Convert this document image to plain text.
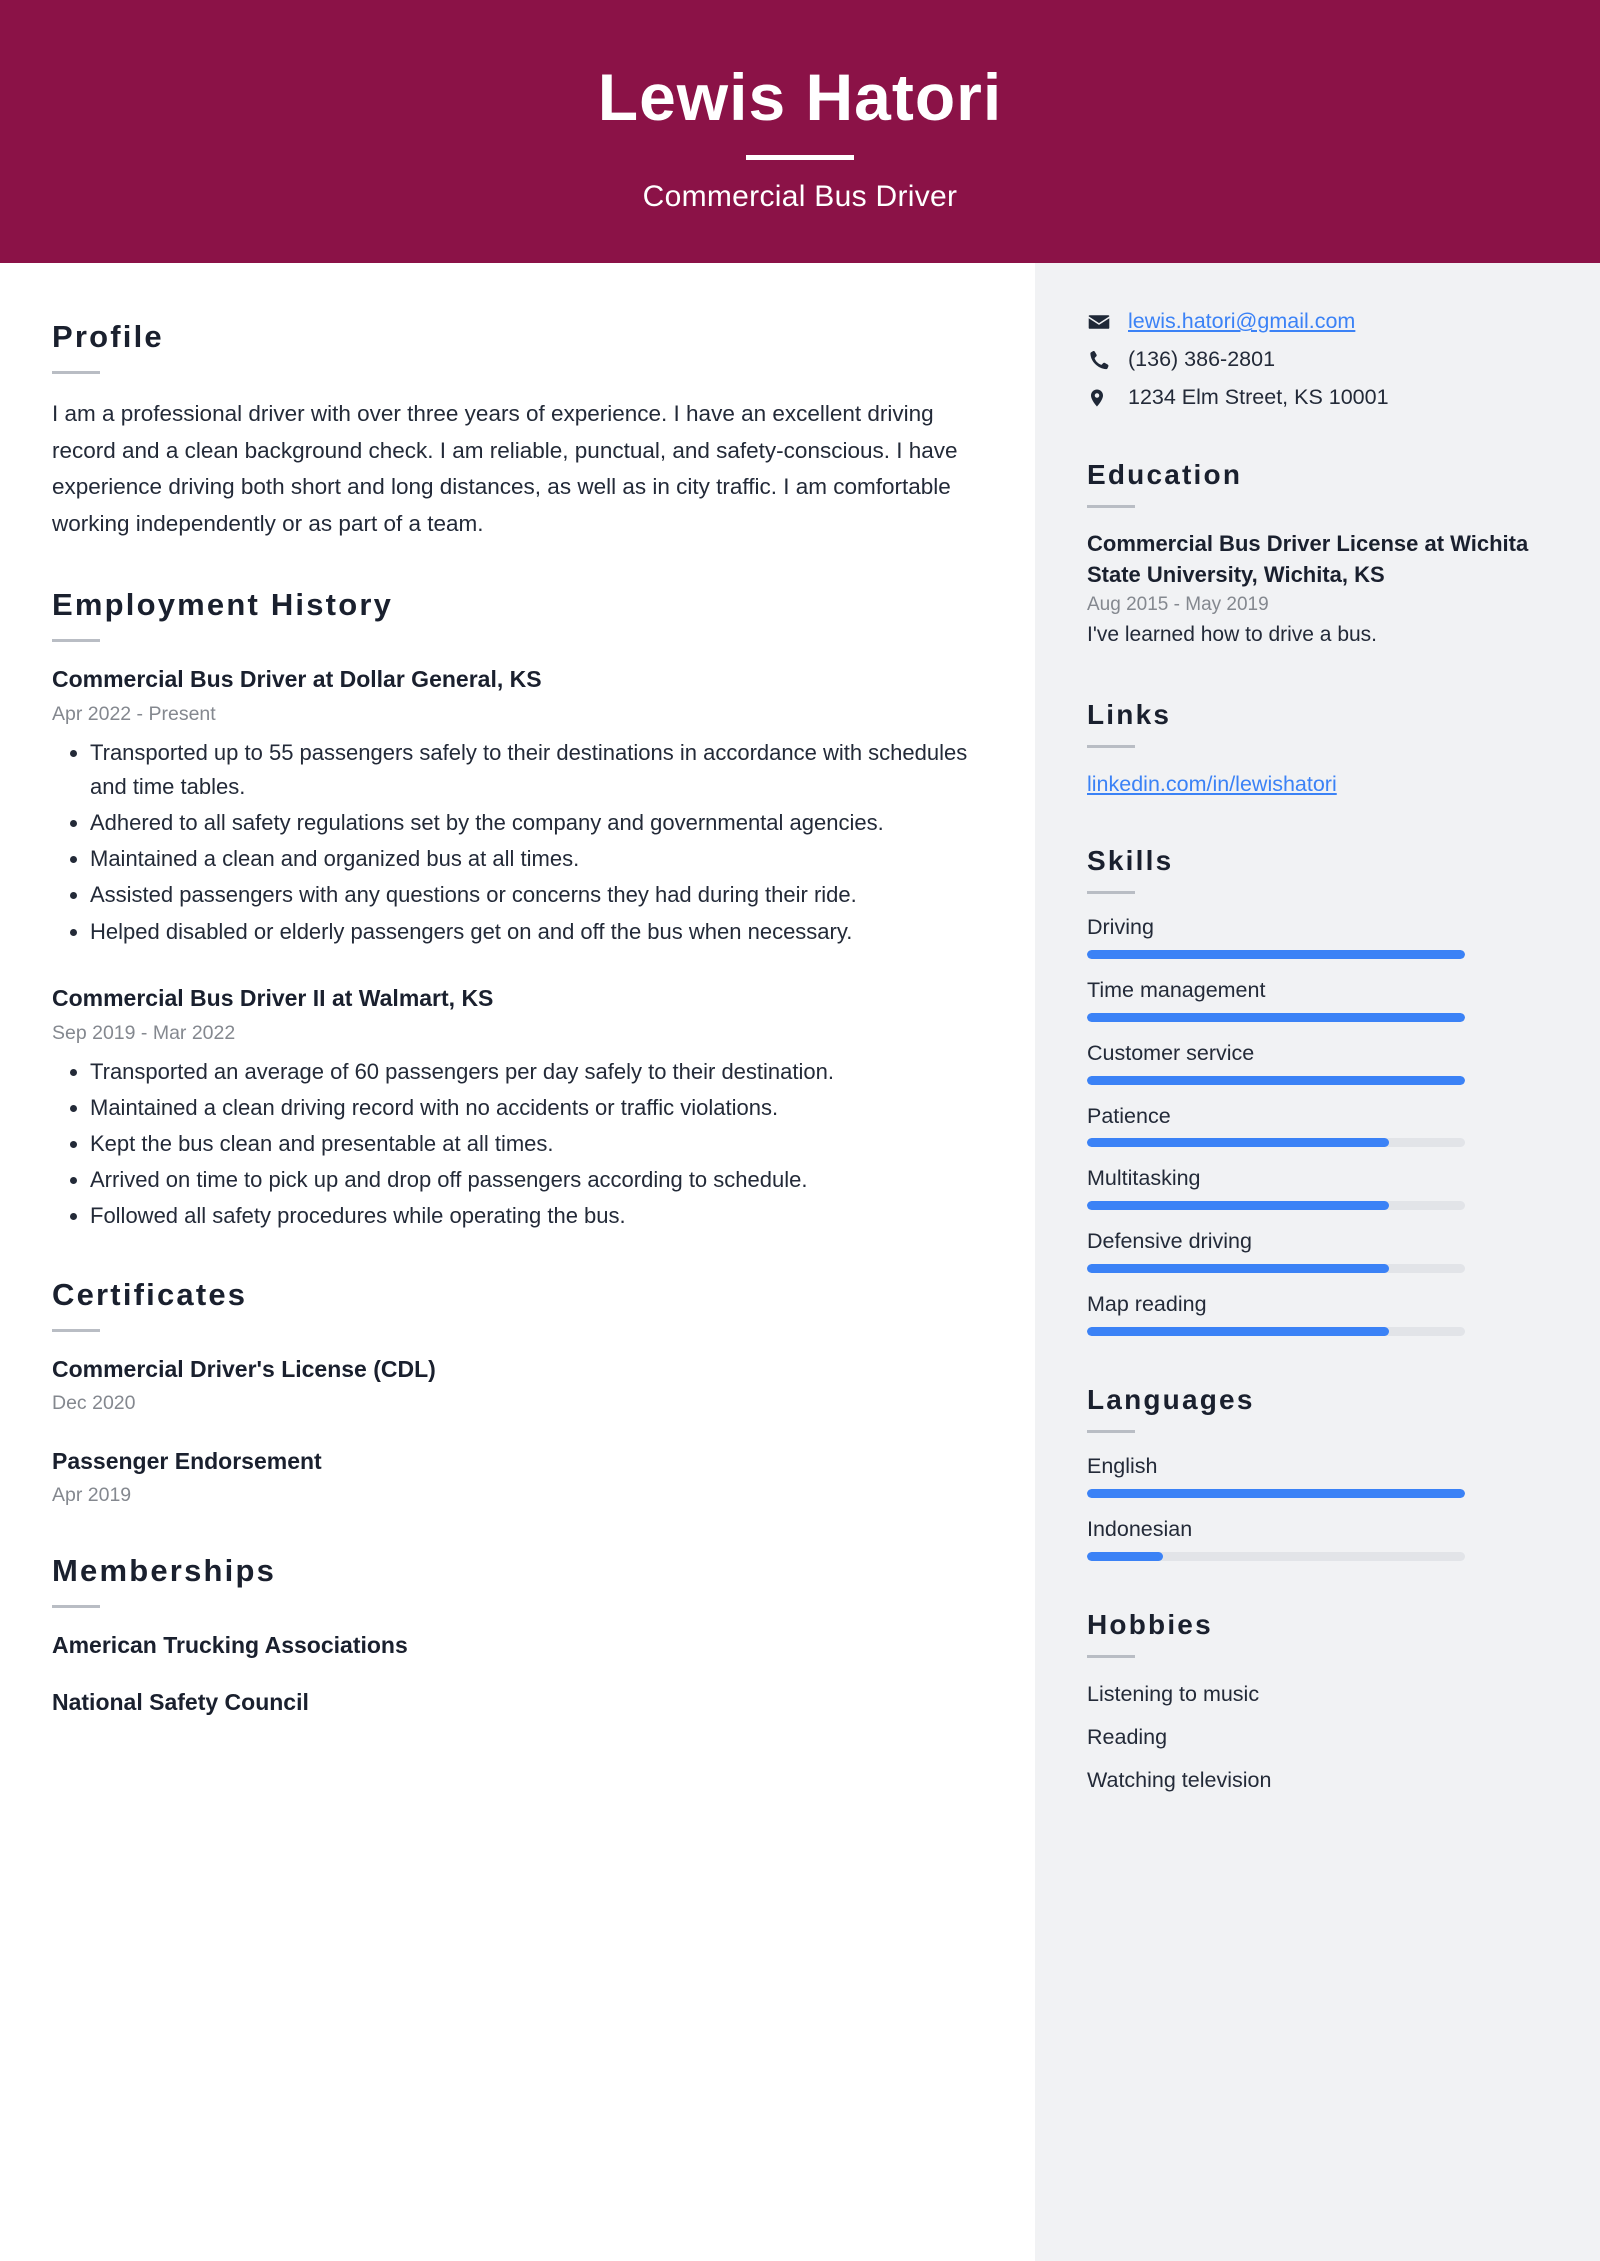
Lewis Hatori
Commercial Bus Driver
Profile

I am a professional driver with over three years of experience. I have an excellent driving record and a clean background check. I am reliable, punctual, and safety-conscious. I have experience driving both short and long distances, as well as in city traffic. I am comfortable working independently or as part of a team.

Employment History
Commercial Bus Driver at Dollar General, KS
Apr 2022 - Present
• Transported up to 55 passengers safely to their destinations in accordance with schedules and time tables.
• Adhered to all safety regulations set by the company and governmental agencies.
• Maintained a clean and organized bus at all times.
• Assisted passengers with any questions or concerns they had during their ride.
• Helped disabled or elderly passengers get on and off the bus when necessary.
Commercial Bus Driver II at Walmart, KS
Sep 2019 - Mar 2022
• Transported an average of 60 passengers per day safely to their destination.
• Maintained a clean driving record with no accidents or traffic violations.
• Kept the bus clean and presentable at all times.
• Arrived on time to pick up and drop off passengers according to schedule.
• Followed all safety procedures while operating the bus.
Certificates
Commercial Driver's License (CDL)
Dec 2020
Passenger Endorsement
Apr 2019
Memberships
American Trucking Associations
National Safety Council
lewis.hatori@gmail.com
(136) 386-2801
1234 Elm Street, KS 10001
Education
Commercial Bus Driver License at Wichita State University, Wichita, KS
Aug 2015 - May 2019
I've learned how to drive a bus.
Links
linkedin.com/in/lewishatori
Skills
Driving
Time management
Customer service
Patience
Multitasking
Defensive driving
Map reading
Languages
English
Indonesian
Hobbies
Listening to music
Reading
Watching television
